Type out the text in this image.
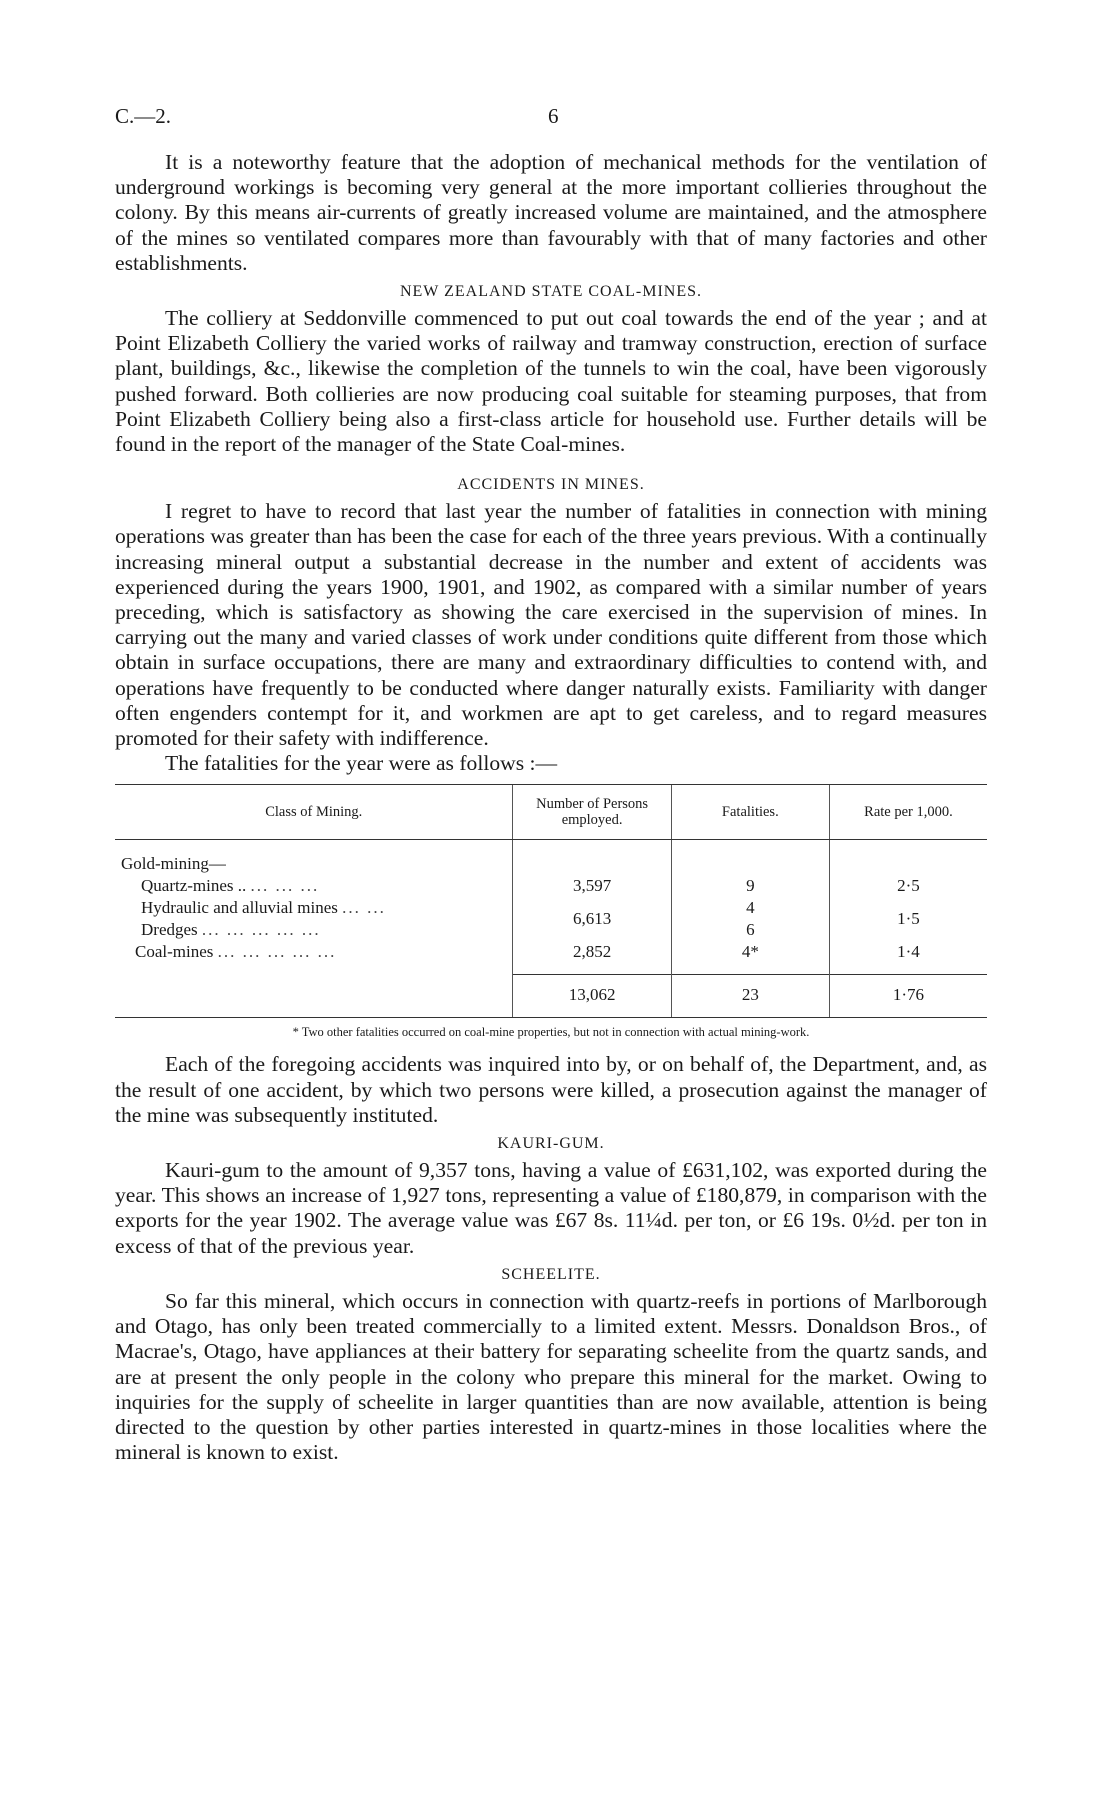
C.—2.	6

It is a noteworthy feature that the adoption of mechanical methods for the ventilation of underground workings is becoming very general at the more important collieries throughout the colony. By this means air-currents of greatly increased volume are maintained, and the atmosphere of the mines so ventilated compares more than favourably with that of many factories and other establishments.

NEW ZEALAND STATE COAL-MINES.

The colliery at Seddonville commenced to put out coal towards the end of the year ; and at Point Elizabeth Colliery the varied works of railway and tramway construction, erection of surface plant, buildings, &c., likewise the completion of the tunnels to win the coal, have been vigorously pushed forward. Both collieries are now producing coal suitable for steaming purposes, that from Point Elizabeth Colliery being also a first-class article for household use. Further details will be found in the report of the manager of the State Coal-mines.

ACCIDENTS IN MINES.

I regret to have to record that last year the number of fatalities in connection with mining operations was greater than has been the case for each of the three years previous. With a continually increasing mineral output a substantial decrease in the number and extent of accidents was experienced during the years 1900, 1901, and 1902, as compared with a similar number of years preceding, which is satisfactory as showing the care exercised in the supervision of mines. In carrying out the many and varied classes of work under conditions quite different from those which obtain in surface occupations, there are many and extraordinary difficulties to contend with, and operations have frequently to be conducted where danger naturally exists. Familiarity with danger often engenders contempt for it, and workmen are apt to get careless, and to regard measures promoted for their safety with indifference.

The fatalities for the year were as follows :—

Class of Mining.	Number of Persons employed.	Fatalities.	Rate per 1,000.
Gold-mining—			
Quartz-mines .. ... ... ...	3,597	9	2·5
Hydraulic and alluvial mines ... ...	6,613	4	1·5
Dredges ... ... ... ... ...		6	
Coal-mines ... ... ... ... ...	2,852	4*	1·4
	13,062	23	1·76
* Two other fatalities occurred on coal-mine properties, but not in connection with actual mining-work.

Each of the foregoing accidents was inquired into by, or on behalf of, the Department, and, as the result of one accident, by which two persons were killed, a prosecution against the manager of the mine was subsequently instituted.

KAURI-GUM.

Kauri-gum to the amount of 9,357 tons, having a value of £631,102, was exported during the year. This shows an increase of 1,927 tons, representing a value of £180,879, in comparison with the exports for the year 1902. The average value was £67 8s. 11¼d. per ton, or £6 19s. 0½d. per ton in excess of that of the previous year.

SCHEELITE.

So far this mineral, which occurs in connection with quartz-reefs in portions of Marlborough and Otago, has only been treated commercially to a limited extent. Messrs. Donaldson Bros., of Macrae's, Otago, have appliances at their battery for separating scheelite from the quartz sands, and are at present the only people in the colony who prepare this mineral for the market. Owing to inquiries for the supply of scheelite in larger quantities than are now available, attention is being directed to the question by other parties interested in quartz-mines in those localities where the mineral is known to exist.
